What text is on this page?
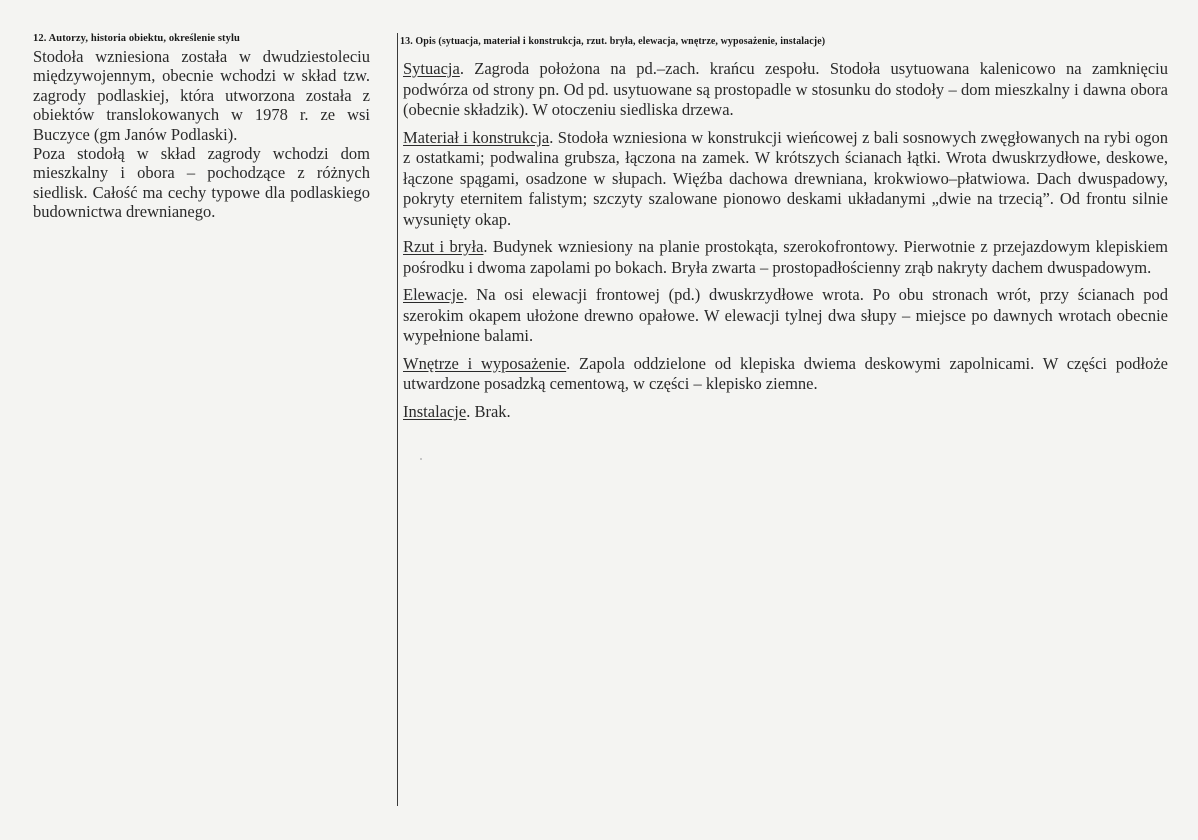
12. Autorzy, historia obiektu, określenie stylu

Stodoła wzniesiona została w dwudziestoleciu międzywojennym, obecnie wchodzi w skład tzw. zagrody podlaskiej, która utworzona została z obiektów translokowanych w 1978 r. ze wsi Buczyce (gm Janów Podlaski).

Poza stodołą w skład zagrody wchodzi dom mieszkalny i obora – pochodzące z różnych siedlisk. Całość ma cechy typowe dla podlaskiego budownictwa drewnianego.

13. Opis (sytuacja, materiał i konstrukcja, rzut. bryła, elewacja, wnętrze, wyposażenie, instalacje)

Sytuacja. Zagroda położona na pd.–zach. krańcu zespołu. Stodoła usytuowana kalenicowo na zamknięciu podwórza od strony pn. Od pd. usytuowane są prostopadle w stosunku do stodoły – dom mieszkalny i dawna obora (obecnie składzik). W otoczeniu siedliska drzewa.

Materiał i konstrukcja. Stodoła wzniesiona w konstrukcji wieńcowej z bali sosnowych zwęgłowanych na rybi ogon z ostatkami; podwalina grubsza, łączona na zamek. W krótszych ścianach łątki. Wrota dwuskrzydłowe, deskowe, łączone spągami, osadzone w słupach. Więźba dachowa drewniana, krokwiowo–płatwiowa. Dach dwuspadowy, pokryty eternitem falistym; szczyty szalowane pionowo deskami układanymi „dwie na trzecią”. Od frontu silnie wysunięty okap.

Rzut i bryła. Budynek wzniesiony na planie prostokąta, szerokofrontowy. Pierwotnie z przejazdowym klepiskiem pośrodku i dwoma zapolami po bokach. Bryła zwarta – prostopadłościenny zrąb nakryty dachem dwuspadowym.

Elewacje. Na osi elewacji frontowej (pd.) dwuskrzydłowe wrota. Po obu stronach wrót, przy ścianach pod szerokim okapem ułożone drewno opałowe. W elewacji tylnej dwa słupy – miejsce po dawnych wrotach obecnie wypełnione balami.

Wnętrze i wyposażenie. Zapola oddzielone od klepiska dwiema deskowymi zapolnicami. W części podłoże utwardzone posadzką cementową, w części – klepisko ziemne.

Instalacje. Brak.
